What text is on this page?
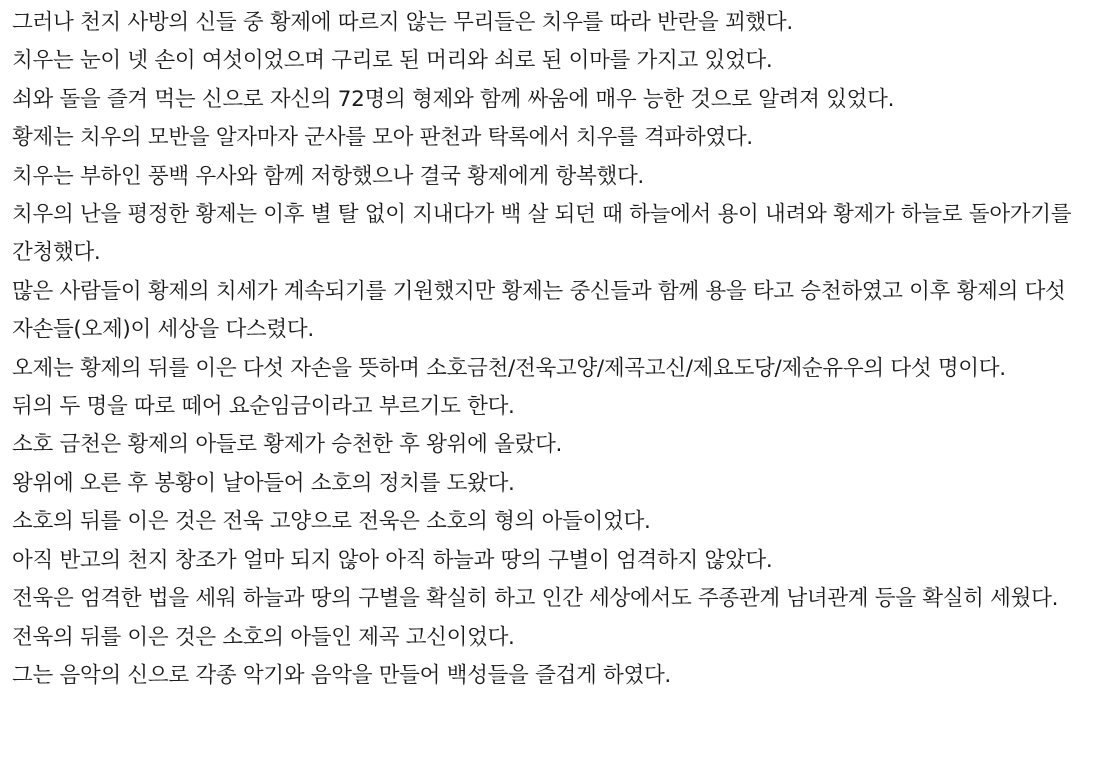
그러나 천지 사방의 신들 중 황제에 따르지 않는 무리들은 치우를 따라 반란을 꾀했다.

치우는 눈이 넷 손이 여섯이었으며 구리로 된 머리와 쇠로 된 이마를 가지고 있었다.

쇠와 돌을 즐겨 먹는 신으로 자신의 72명의 형제와 함께 싸움에 매우 능한 것으로 알려져 있었다.

황제는 치우의 모반을 알자마자 군사를 모아 판천과 탁록에서 치우를 격파하였다.

치우는 부하인 풍백 우사와 함께 저항했으나 결국 황제에게 항복했다.

치우의 난을 평정한 황제는 이후 별 탈 없이 지내다가 백 살 되던 때 하늘에서 용이 내려와 황제가 하늘로 돌아가기를 간청했다.

많은 사람들이 황제의 치세가 계속되기를 기원했지만 황제는 중신들과 함께 용을 타고 승천하였고 이후 황제의 다섯 자손들(오제)이 세상을 다스렸다.

오제는 황제의 뒤를 이은 다섯 자손을 뜻하며 소호금천/전욱고양/제곡고신/제요도당/제순유우의 다섯 명이다.

뒤의 두 명을 따로 떼어 요순임금이라고 부르기도 한다.

소호 금천은 황제의 아들로 황제가 승천한 후 왕위에 올랐다.

왕위에 오른 후 봉황이 날아들어 소호의 정치를 도왔다.

소호의 뒤를 이은 것은 전욱 고양으로 전욱은 소호의 형의 아들이었다.

아직 반고의 천지 창조가 얼마 되지 않아 아직 하늘과 땅의 구별이 엄격하지 않았다.

전욱은 엄격한 법을 세워 하늘과 땅의 구별을 확실히 하고 인간 세상에서도 주종관계 남녀관계 등을 확실히 세웠다.

전욱의 뒤를 이은 것은 소호의 아들인 제곡 고신이었다.

그는 음악의 신으로 각종 악기와 음악을 만들어 백성들을 즐겁게 하였다.
